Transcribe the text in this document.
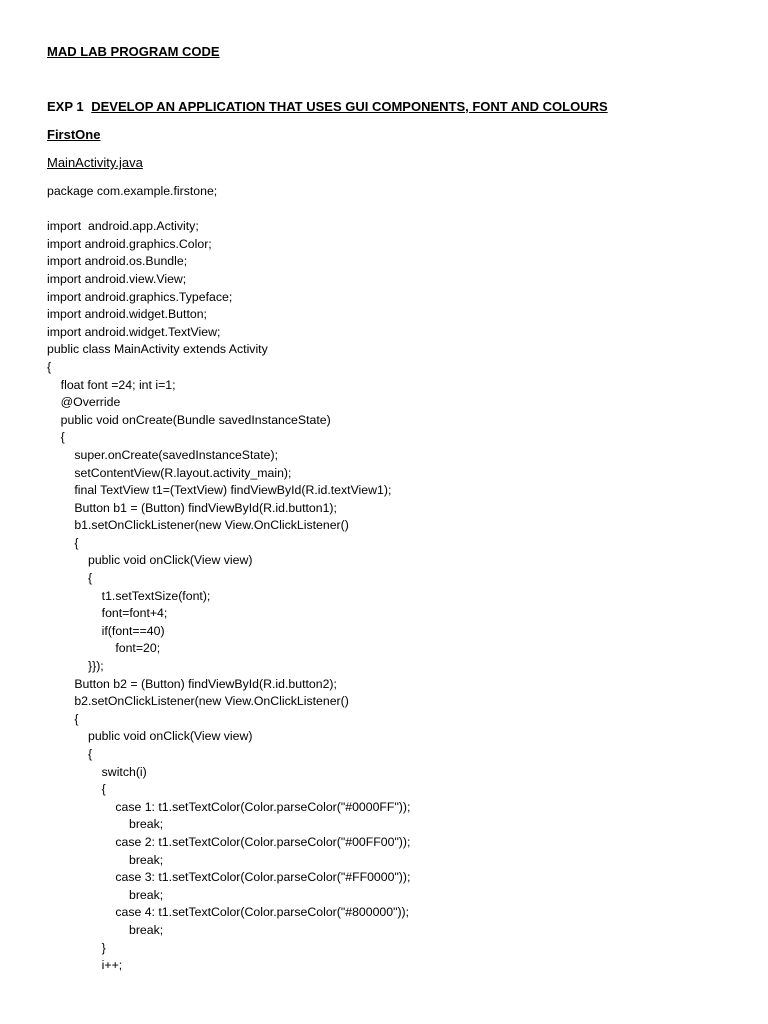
MAD LAB PROGRAM CODE
EXP 1 DEVELOP AN APPLICATION THAT USES GUI COMPONENTS, FONT AND COLOURS
FirstOne
MainActivity.java
package com.example.firstone;
import  android.app.Activity;
import android.graphics.Color;
import android.os.Bundle;
import android.view.View;
import android.graphics.Typeface;
import android.widget.Button;
import android.widget.TextView;
public class MainActivity extends Activity
{
float font =24; int i=1;
@Override
public void onCreate(Bundle savedInstanceState)
{
super.onCreate(savedInstanceState);
setContentView(R.layout.activity_main);
final TextView t1=(TextView) findViewById(R.id.textView1);
Button b1 = (Button) findViewById(R.id.button1);
b1.setOnClickListener(new View.OnClickListener()
{
public void onClick(View view)
{
t1.setTextSize(font);
font=font+4;
if(font==40)
font=20;
}});
Button b2 = (Button) findViewById(R.id.button2);
b2.setOnClickListener(new View.OnClickListener()
{
public void onClick(View view)
{
switch(i)
{
case 1: t1.setTextColor(Color.parseColor("#0000FF"));
break;
case 2: t1.setTextColor(Color.parseColor("#00FF00"));
break;
case 3: t1.setTextColor(Color.parseColor("#FF0000"));
break;
case 4: t1.setTextColor(Color.parseColor("#800000"));
break;
}
i++;
